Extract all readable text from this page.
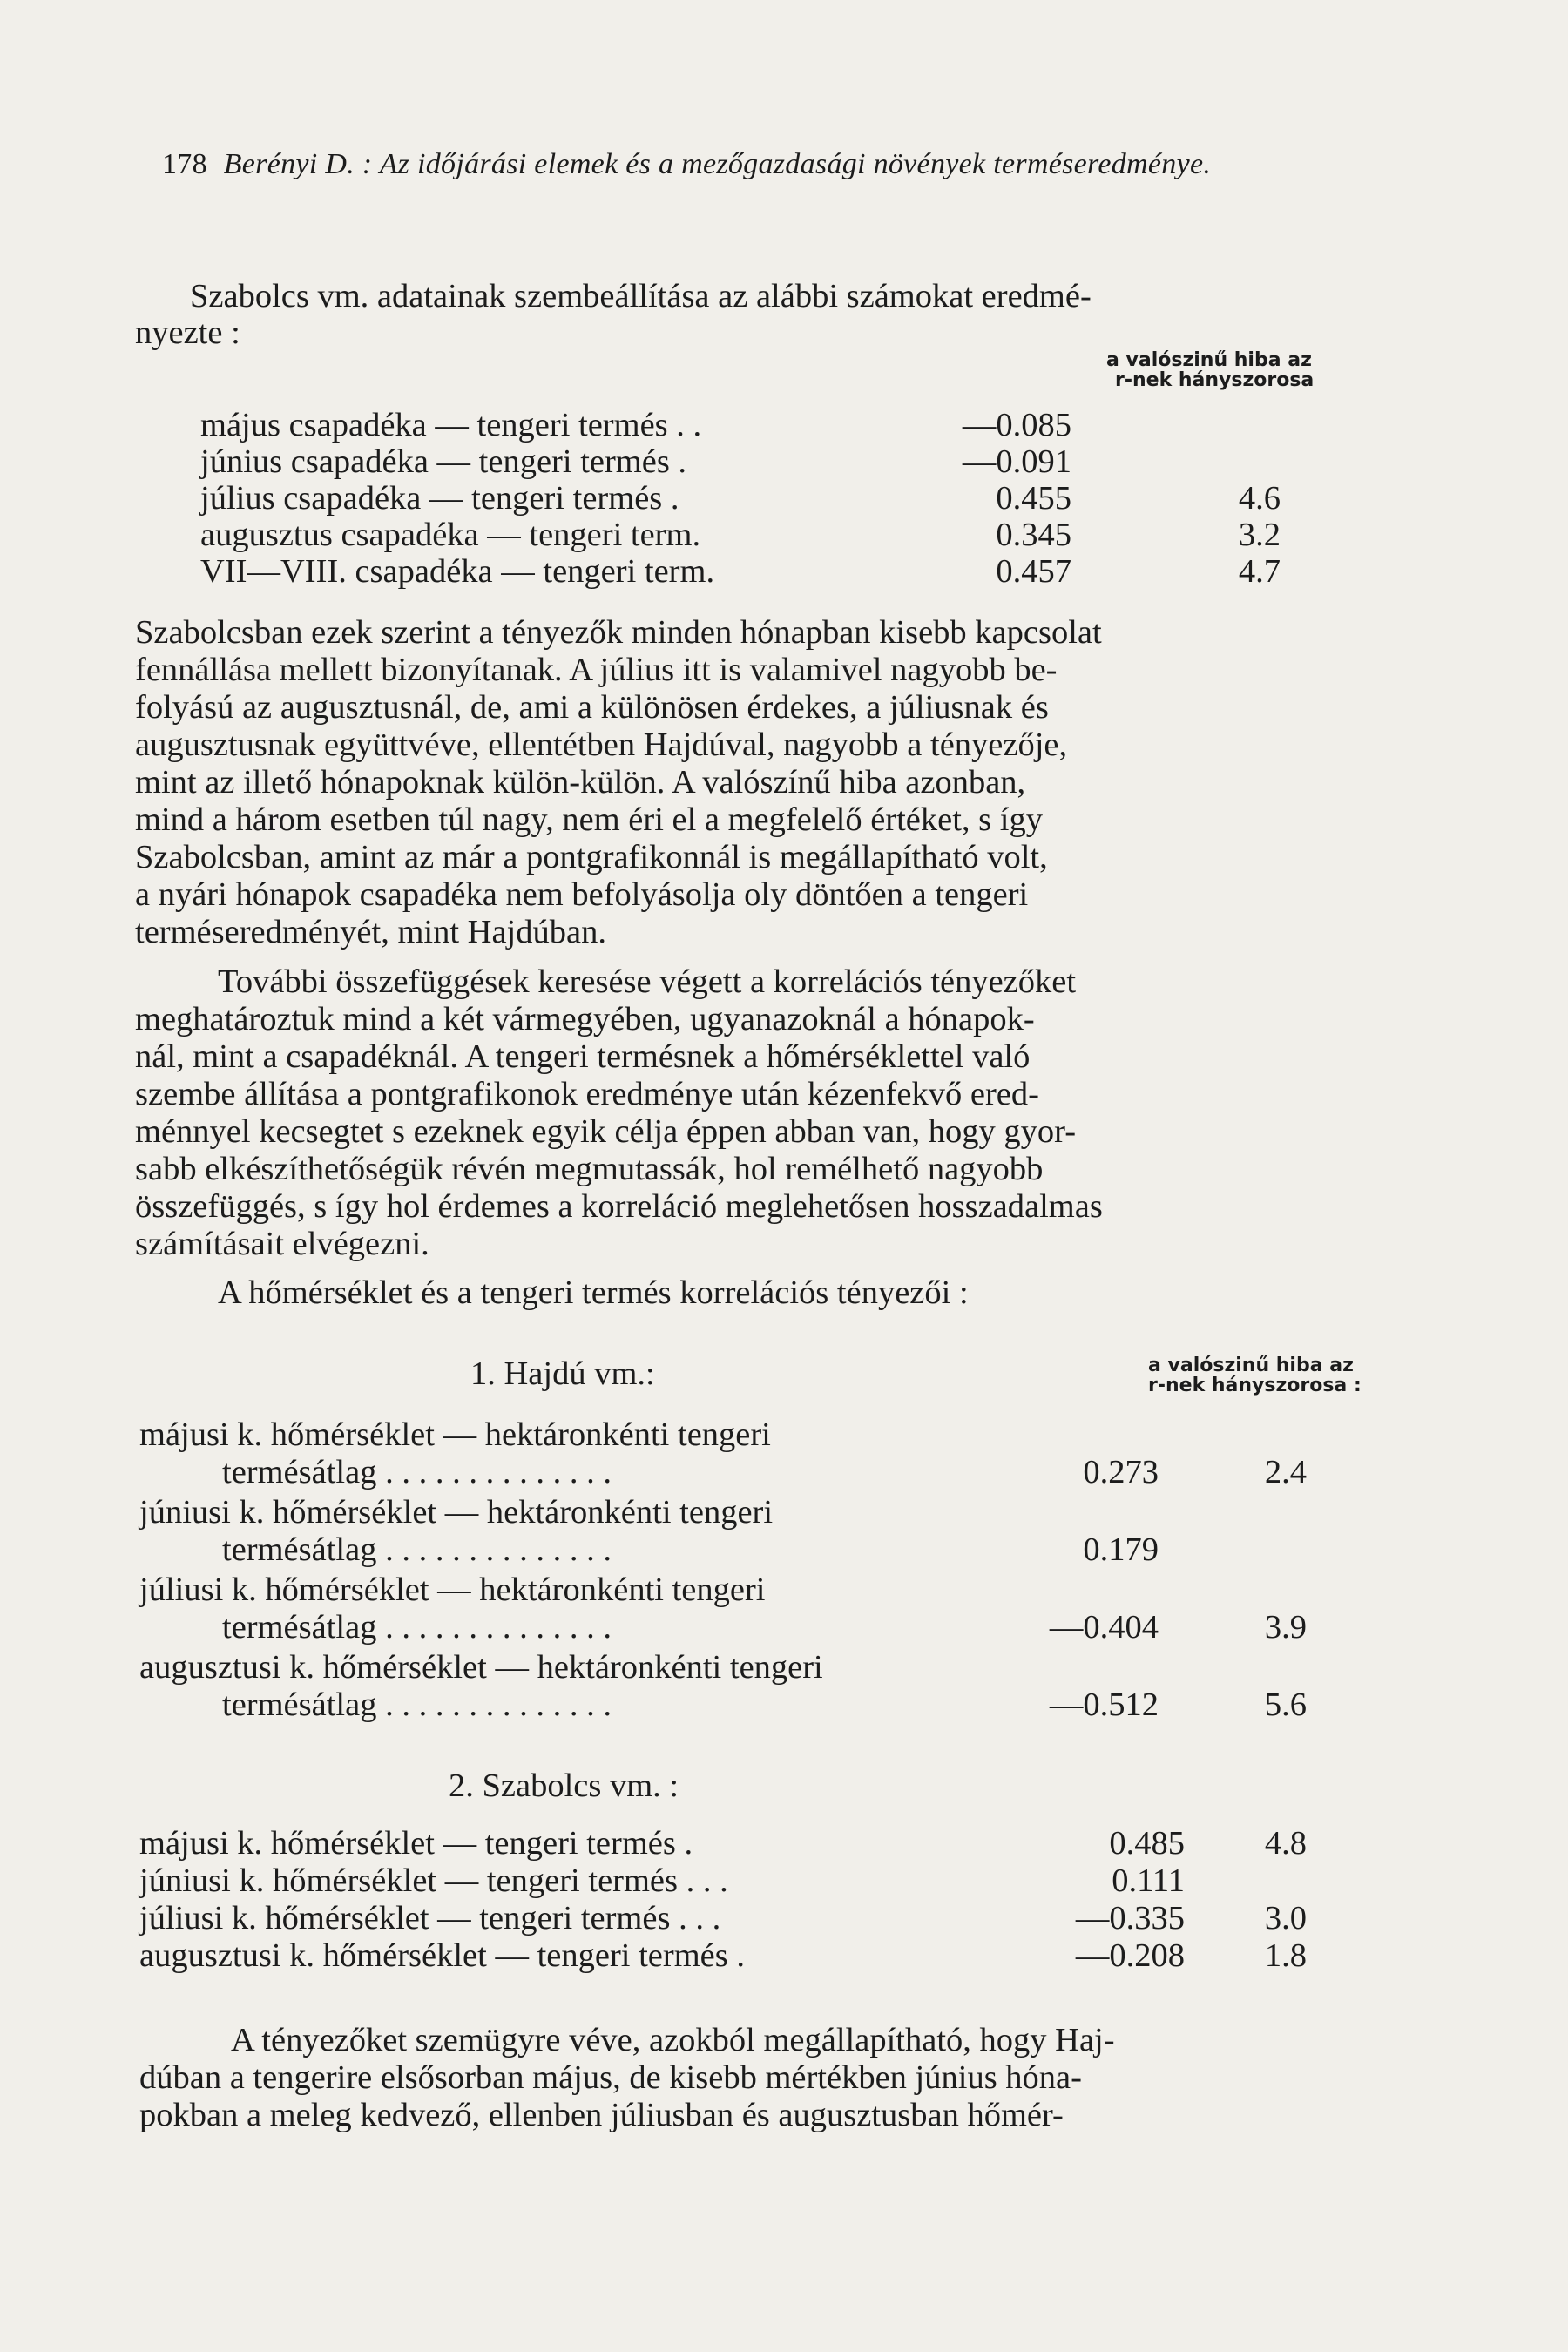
178 Berényi D. : Az időjárási elemek és a mezőgazdasági növények terméseredménye.
Szabolcs vm. adatainak szembeállítása az alábbi számokat eredmé-
nyezte :
a valószinű hiba az
r-nek hányszorosa
május csapadéka — tengeri termés . .	—0.085
június csapadéka — tengeri termés .	—0.091
július csapadéka — tengeri termés .	0.455	4.6
augusztus csapadéka — tengeri term.	0.345	3.2
VII—VIII. csapadéka — tengeri term.	0.457	4.7
Szabolcsban ezek szerint a tényezők minden hónapban kisebb kapcsolat
fennállása mellett bizonyítanak. A július itt is valamivel nagyobb be-
folyású az augusztusnál, de, ami a különösen érdekes, a júliusnak és
augusztusnak együttvéve, ellentétben Hajdúval, nagyobb a tényezője,
mint az illető hónapoknak külön-külön. A valószínű hiba azonban,
mind a három esetben túl nagy, nem éri el a megfelelő értéket, s így
Szabolcsban, amint az már a pontgrafikonnál is megállapítható volt,
a nyári hónapok csapadéka nem befolyásolja oly döntően a tengeri
terméseredményét, mint Hajdúban.
További összefüggések keresése végett a korrelációs tényezőket
meghatároztuk mind a két vármegyében, ugyanazoknál a hónapok-
nál, mint a csapadéknál. A tengeri termésnek a hőmérséklettel való
szembe állítása a pontgrafikonok eredménye után kézenfekvő ered-
ménnyel kecsegtet s ezeknek egyik célja éppen abban van, hogy gyor-
sabb elkészíthetőségük révén megmutassák, hol remélhető nagyobb
összefüggés, s így hol érdemes a korreláció meglehetősen hosszadalmas
számításait elvégezni.
A hőmérséklet és a tengeri termés korrelációs tényezői :
1. Hajdú vm.:	a valószinű hiba az
r-nek hányszorosa :
májusi k. hőmérséklet — hektáronkénti tengeri
termésátlag . . . . . . . . . . . . . .	0.273	2.4
júniusi k. hőmérséklet — hektáronkénti tengeri
termésátlag . . . . . . . . . . . . . .	0.179
júliusi k. hőmérséklet — hektáronkénti tengeri
termésátlag . . . . . . . . . . . . . .	—0.404	3.9
augusztusi k. hőmérséklet — hektáronkénti tengeri
termésátlag . . . . . . . . . . . . . .	—0.512	5.6
2. Szabolcs vm. :
májusi k. hőmérséklet — tengeri termés .	0.485	4.8
júniusi k. hőmérséklet — tengeri termés . . .	0.111
júliusi k. hőmérséklet — tengeri termés . . .	—0.335	3.0
augusztusi k. hőmérséklet — tengeri termés .	—0.208	1.8
A tényezőket szemügyre véve, azokból megállapítható, hogy Haj-
dúban a tengerire elsősorban május, de kisebb mértékben június hóna-
pokban a meleg kedvező, ellenben júliusban és augusztusban hőmér-
